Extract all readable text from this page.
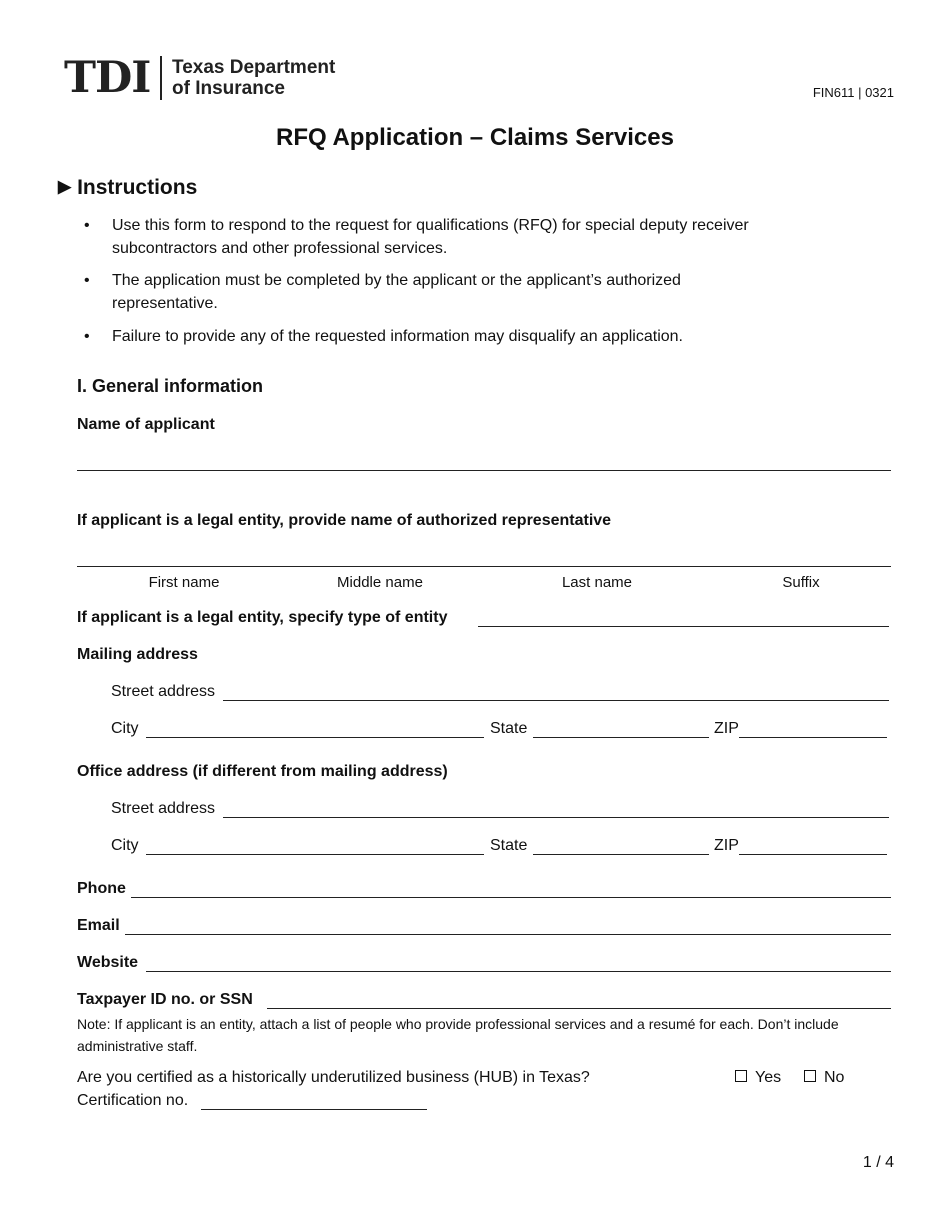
TDI Texas Department
of Insurance	FIN611 | 0321
RFQ Application – Claims Services
▶ Instructions
• Use this form to respond to the request for qualifications (RFQ) for special deputy receiver subcontractors and other professional services.
• The application must be completed by the applicant or the applicant’s authorized representative.
• Failure to provide any of the requested information may disqualify an application.
I. General information
Name of applicant
If applicant is a legal entity, provide name of authorized representative
First name	Middle name	Last name	Suffix
If applicant is a legal entity, specify type of entity
Mailing address
Street address
City	State	ZIP
Office address (if different from mailing address)
Street address
City	State	ZIP
Phone
Email
Website
Taxpayer ID no. or SSN
Note: If applicant is an entity, attach a list of people who provide professional services and a resumé for each. Don’t include administrative staff.
Are you certified as a historically underutilized business (HUB) in Texas?	Yes	No
Certification no.
1 / 4
